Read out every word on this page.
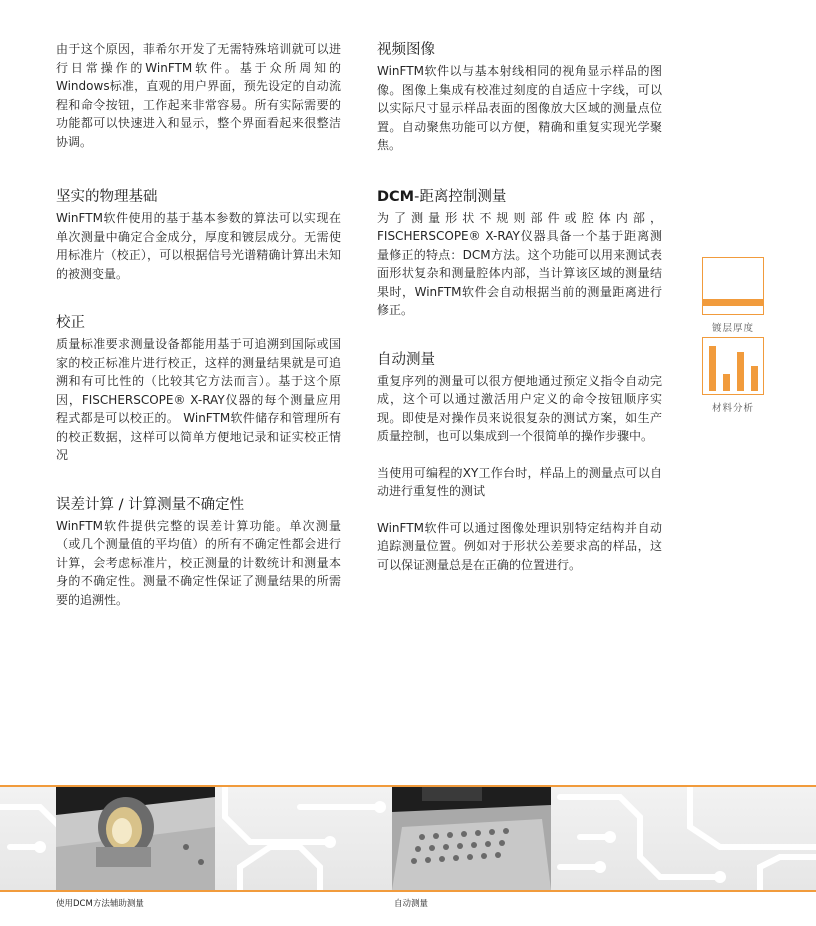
由于这个原因，菲希尔开发了无需特殊培训就可以进行日常操作的WinFTM软件。基于众所周知的Windows标准，直观的用户界面，预先设定的自动流程和命令按钮，工作起来非常容易。所有实际需要的功能都可以快速进入和显示，整个界面看起来很整洁协调。

坚实的物理基础

WinFTM软件使用的基于基本参数的算法可以实现在单次测量中确定合金成分，厚度和镀层成分。无需使用标准片（校正），可以根据信号光谱精确计算出未知的被测变量。

校正

质量标准要求测量设备都能用基于可追溯到国际或国家的校正标准片进行校正，这样的测量结果就是可追溯和有可比性的（比较其它方法而言）。基于这个原因，FISCHERSCOPE® X-RAY仪器的每个测量应用程式都是可以校正的。 WinFTM软件储存和管理所有的校正数据，这样可以简单方便地记录和证实校正情况

误差计算 / 计算测量不确定性

WinFTM软件提供完整的误差计算功能。单次测量（或几个测量值的平均值）的所有不确定性都会进行计算，会考虑标准片，校正测量的计数统计和测量本身的不确定性。测量不确定性保证了测量结果的所需要的追溯性。

视频图像

WinFTM软件以与基本射线相同的视角显示样品的图像。图像上集成有校准过刻度的自适应十字线，可以以实际尺寸显示样品表面的图像放大区域的测量点位置。自动聚焦功能可以方便，精确和重复实现光学聚焦。

DCM-距离控制测量

为了测量形状不规则部件或腔体内部，FISCHERSCOPE® X-RAY仪器具备一个基于距离测量修正的特点：DCM方法。这个功能可以用来测试表面形状复杂和测量腔体内部，当计算该区域的测量结果时，WinFTM软件会自动根据当前的测量距离进行修正。

自动测量

重复序列的测量可以很方便地通过预定义指令自动完成，这个可以通过激活用户定义的命令按钮顺序实现。即使是对操作员来说很复杂的测试方案，如生产质量控制，也可以集成到一个很简单的操作步骤中。

当使用可编程的XY工作台时，样品上的测量点可以自动进行重复性的测试

WinFTM软件可以通过图像处理识别特定结构并自动追踪测量位置。例如对于形状公差要求高的样品，这可以保证测量总是在正确的位置进行。

镀层厚度
材料分析
使用DCM方法辅助测量	自动测量
